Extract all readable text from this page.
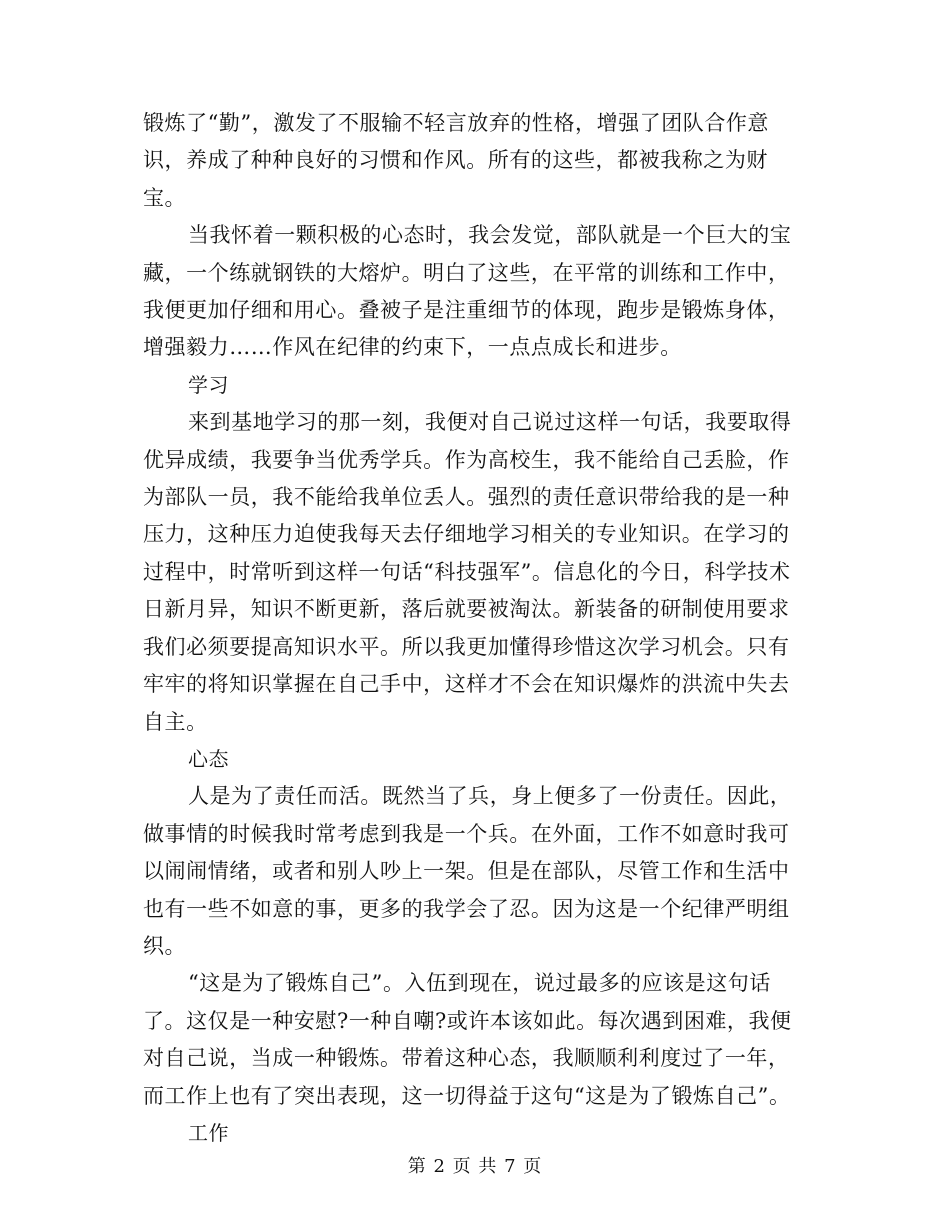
锻炼了“勤”，激发了不服输不轻言放弃的性格，增强了团队合作意识，养成了种种良好的习惯和作风。所有的这些，都被我称之为财宝。

当我怀着一颗积极的心态时，我会发觉，部队就是一个巨大的宝藏，一个练就钢铁的大熔炉。明白了这些，在平常的训练和工作中，我便更加仔细和用心。叠被子是注重细节的体现，跑步是锻炼身体，增强毅力……作风在纪律的约束下，一点点成长和进步。

学习

来到基地学习的那一刻，我便对自己说过这样一句话，我要取得优异成绩，我要争当优秀学兵。作为高校生，我不能给自己丢脸，作为部队一员，我不能给我单位丢人。强烈的责任意识带给我的是一种压力，这种压力迫使我每天去仔细地学习相关的专业知识。在学习的过程中，时常听到这样一句话“科技强军”。信息化的今日，科学技术日新月异，知识不断更新，落后就要被淘汰。新装备的研制使用要求我们必须要提高知识水平。所以我更加懂得珍惜这次学习机会。只有牢牢的将知识掌握在自己手中，这样才不会在知识爆炸的洪流中失去自主。

心态

人是为了责任而活。既然当了兵，身上便多了一份责任。因此，做事情的时候我时常考虑到我是一个兵。在外面，工作不如意时我可以闹闹情绪，或者和别人吵上一架。但是在部队，尽管工作和生活中也有一些不如意的事，更多的我学会了忍。因为这是一个纪律严明组织。

“这是为了锻炼自己”。入伍到现在，说过最多的应该是这句话了。这仅是一种安慰?一种自嘲?或许本该如此。每次遇到困难，我便对自己说，当成一种锻炼。带着这种心态，我顺顺利利度过了一年，而工作上也有了突出表现，这一切得益于这句“这是为了锻炼自己”。

工作

第 2 页 共 7 页
